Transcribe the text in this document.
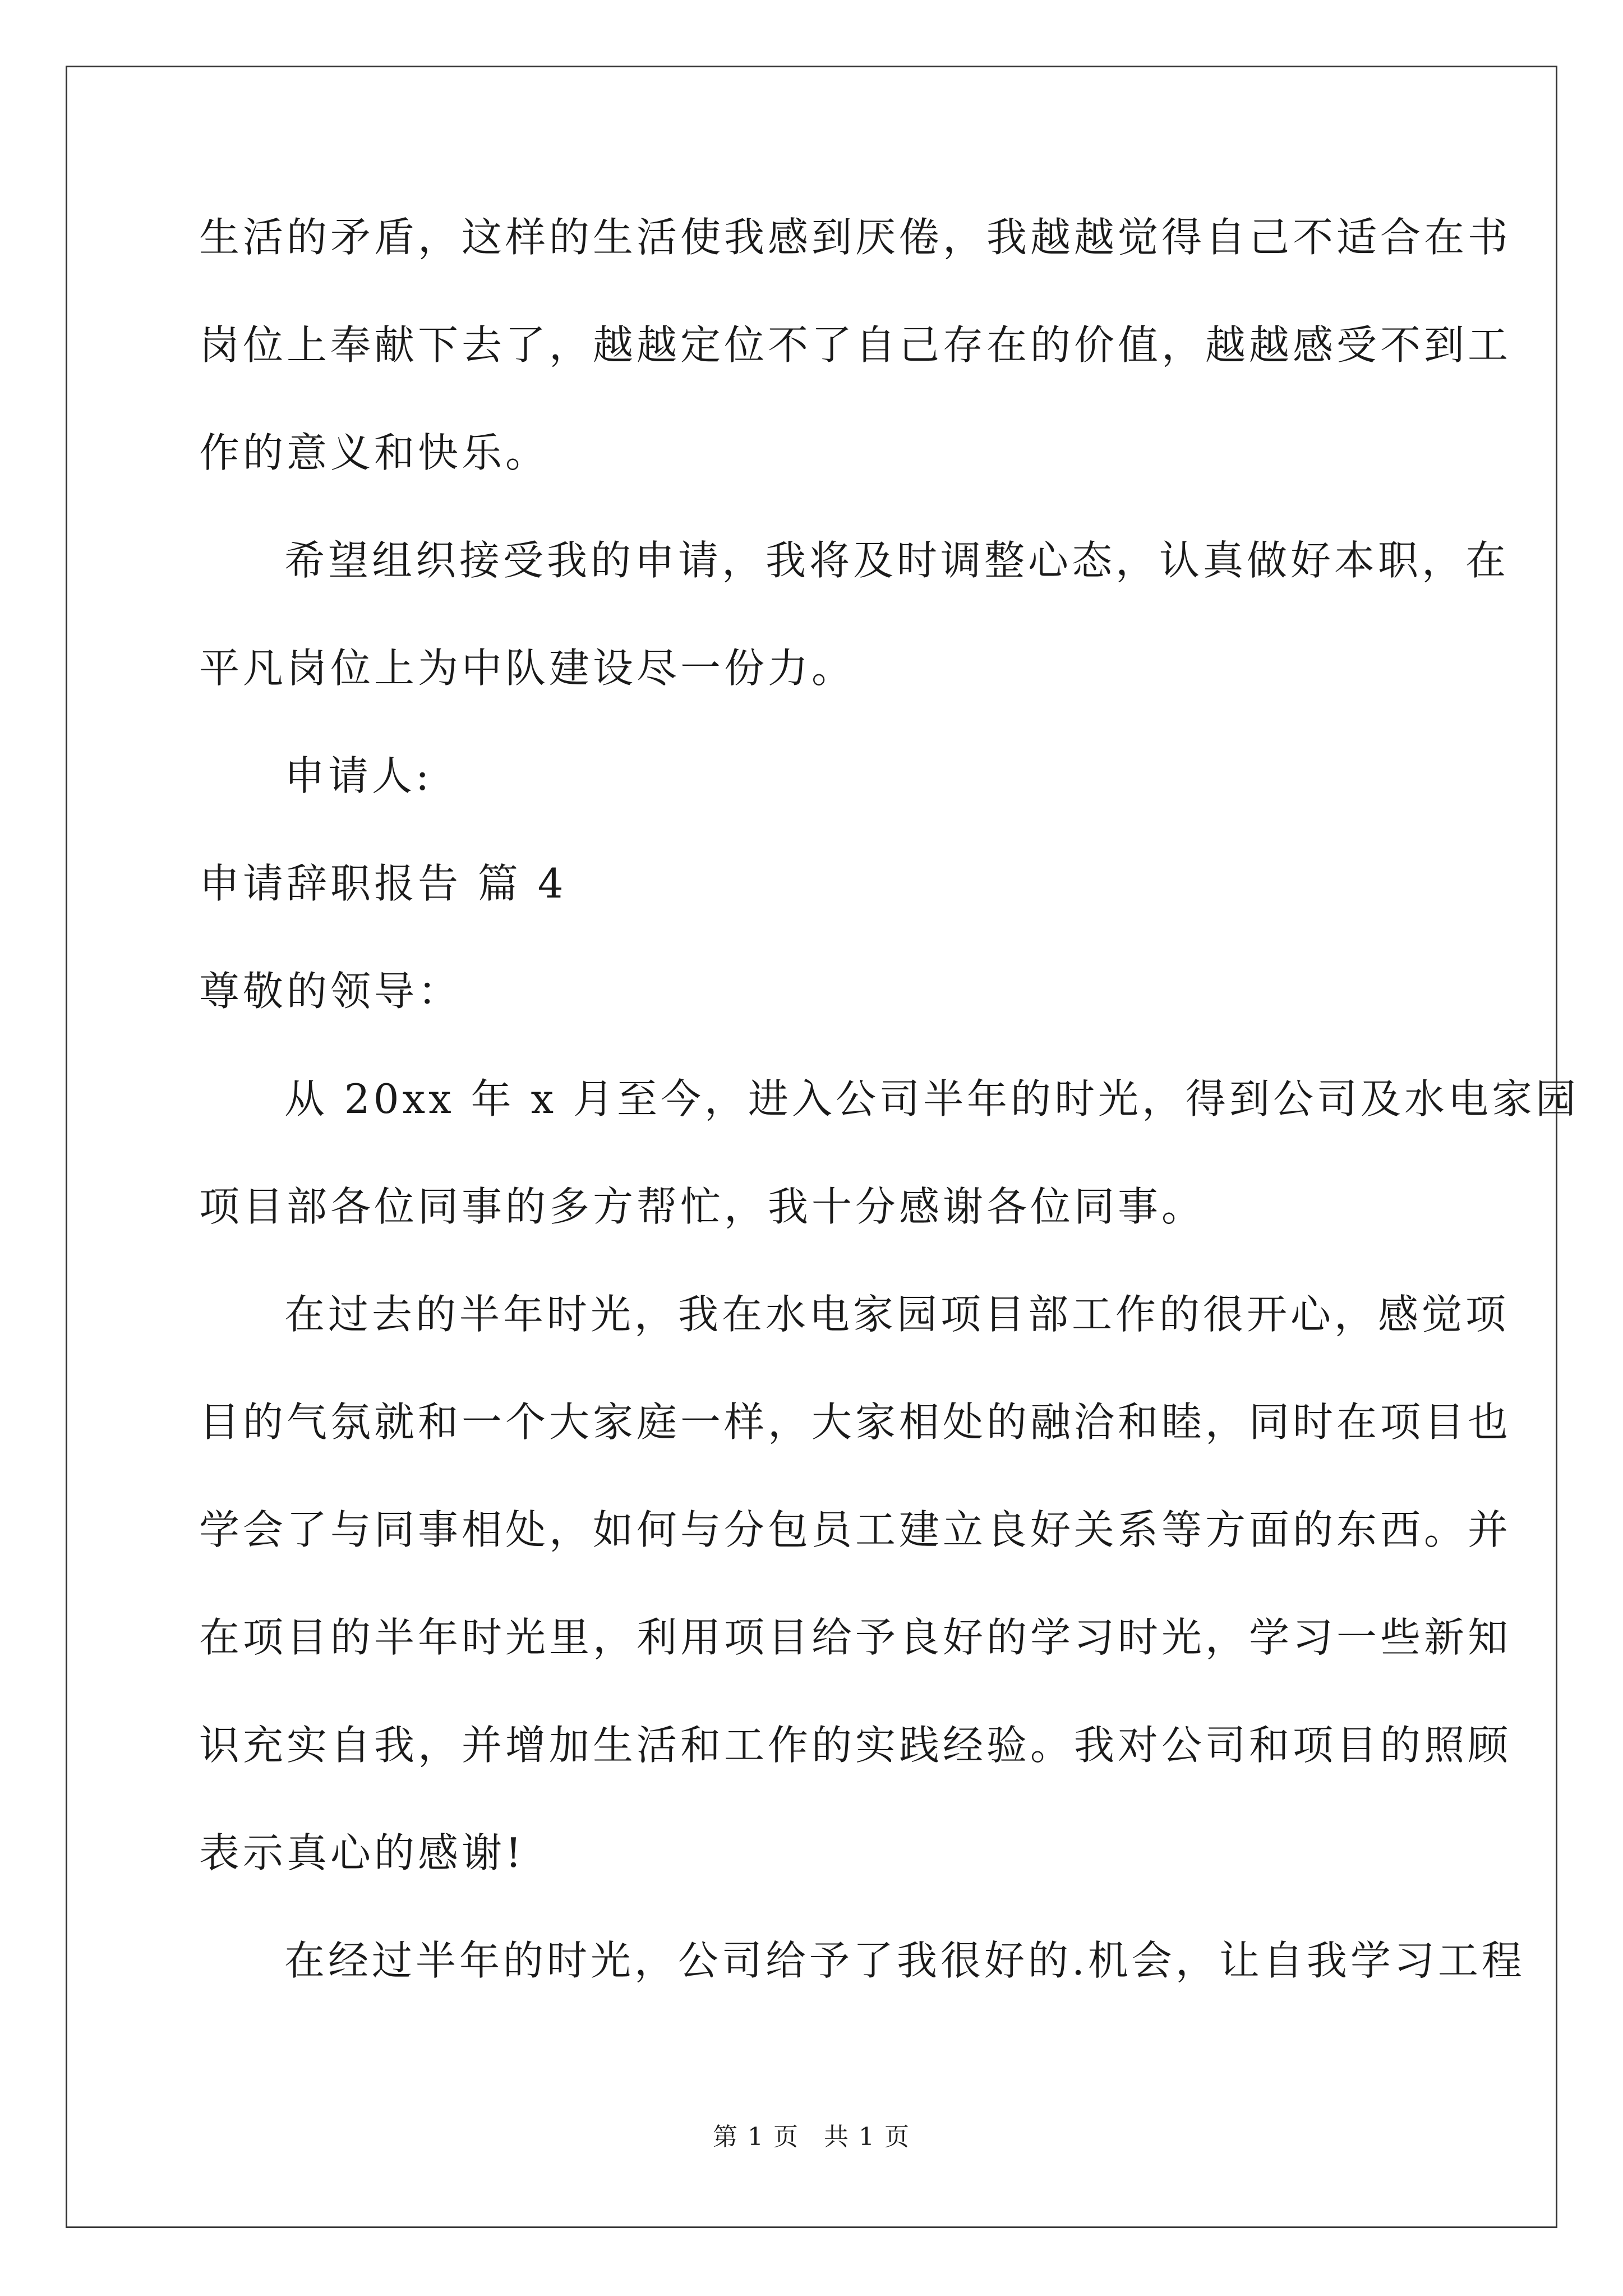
生活的矛盾，这样的生活使我感到厌倦，我越越觉得自己不适合在书

岗位上奉献下去了，越越定位不了自己存在的价值，越越感受不到工

作的意义和快乐。

希望组织接受我的申请，我将及时调整心态，认真做好本职，在

平凡岗位上为中队建设尽一份力。

申请人:

申请辞职报告 篇 4

尊敬的领导：

从 20xx 年 x 月至今，进入公司半年的时光，得到公司及水电家园

项目部各位同事的多方帮忙，我十分感谢各位同事。

在过去的半年时光，我在水电家园项目部工作的很开心，感觉项

目的气氛就和一个大家庭一样，大家相处的融洽和睦，同时在项目也

学会了与同事相处，如何与分包员工建立良好关系等方面的东西。并

在项目的半年时光里，利用项目给予良好的学习时光，学习一些新知

识充实自我，并增加生活和工作的实践经验。我对公司和项目的照顾

表示真心的感谢!

在经过半年的时光，公司给予了我很好的.机会，让自我学习工程

第 1 页 共 1 页
